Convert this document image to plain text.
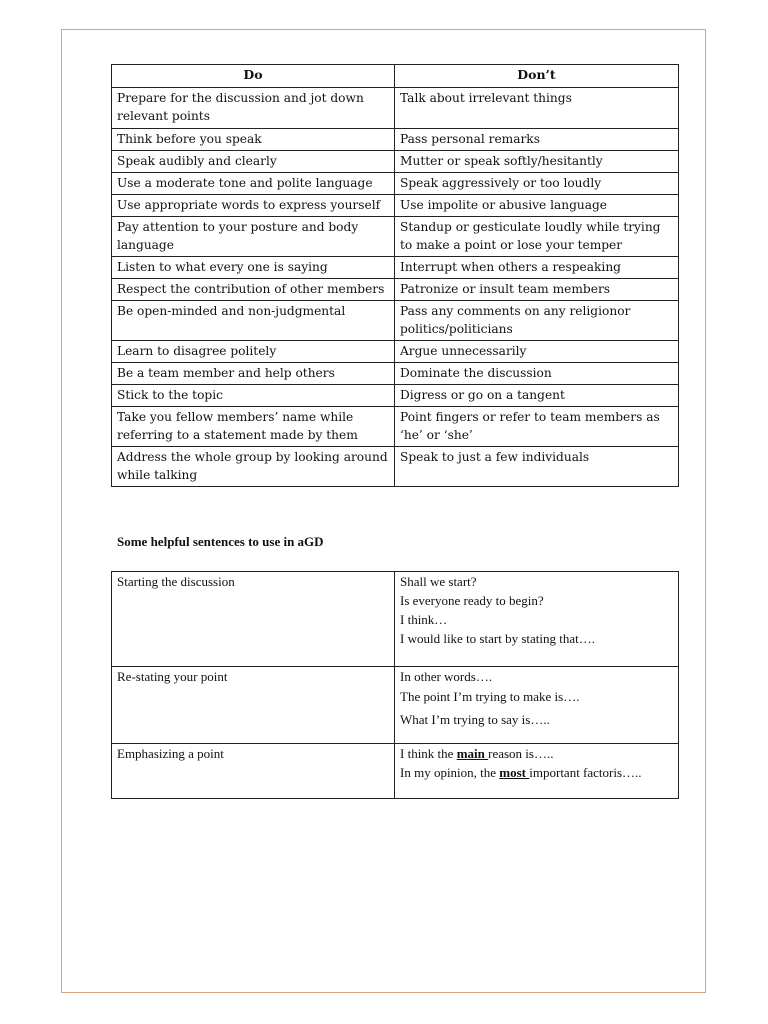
Do	Don’t
Prepare for the discussion and jot down relevant points	Talk about irrelevant things
Think before you speak	Pass personal remarks
Speak audibly and clearly	Mutter or speak softly/hesitantly
Use a moderate tone and polite language	Speak aggressively or too loudly
Use appropriate words to express yourself	Use impolite or abusive language
Pay attention to your posture and body language	Standup or gesticulate loudly while trying to make a point or lose your temper
Listen to what every one is saying	Interrupt when others a respeaking
Respect the contribution of other members	Patronize or insult team members
Be open-minded and non-judgmental	Pass any comments on any religionor politics/politicians
Learn to disagree politely	Argue unnecessarily
Be a team member and help others	Dominate the discussion
Stick to the topic	Digress or go on a tangent
Take you fellow members’ name while referring to a statement made by them	Point fingers or refer to team members as ‘he’ or ‘she’
Address the whole group by looking around while talking	Speak to just a few individuals
Some helpful sentences to use in aGD
Starting the discussion	Shall we start?
Is everyone ready to begin?
I think…
I would like to start by stating that….

Re-stating your point	In other words….
The point I’m trying to make is….
What I’m trying to say is…..

Emphasizing a point	I think the main reason is…..
In my opinion, the most important factoris…..
